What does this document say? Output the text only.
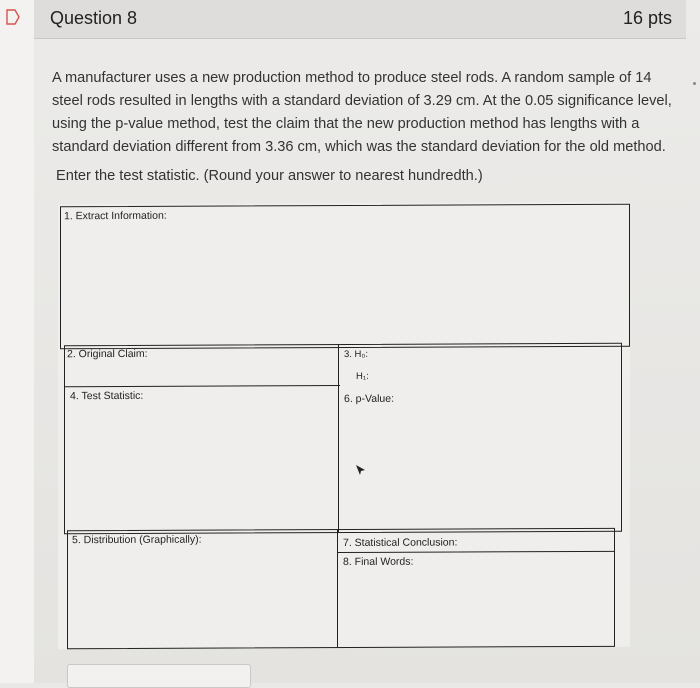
Question 8	16 pts
A manufacturer uses a new production method to produce steel rods. A random sample of 14 steel rods resulted in lengths with a standard deviation of 3.29 cm. At the 0.05 significance level, using the p-value method, test the claim that the new production method has lengths with a standard deviation different from 3.36 cm, which was the standard deviation for the old method.
Enter the test statistic. (Round your answer to nearest hundredth.)
1. Extract Information:
2. Original Claim:	3. H₀:
H₁:
4. Test Statistic:	6. p-Value:
5. Distribution (Graphically):	7. Statistical Conclusion:
8. Final Words:
